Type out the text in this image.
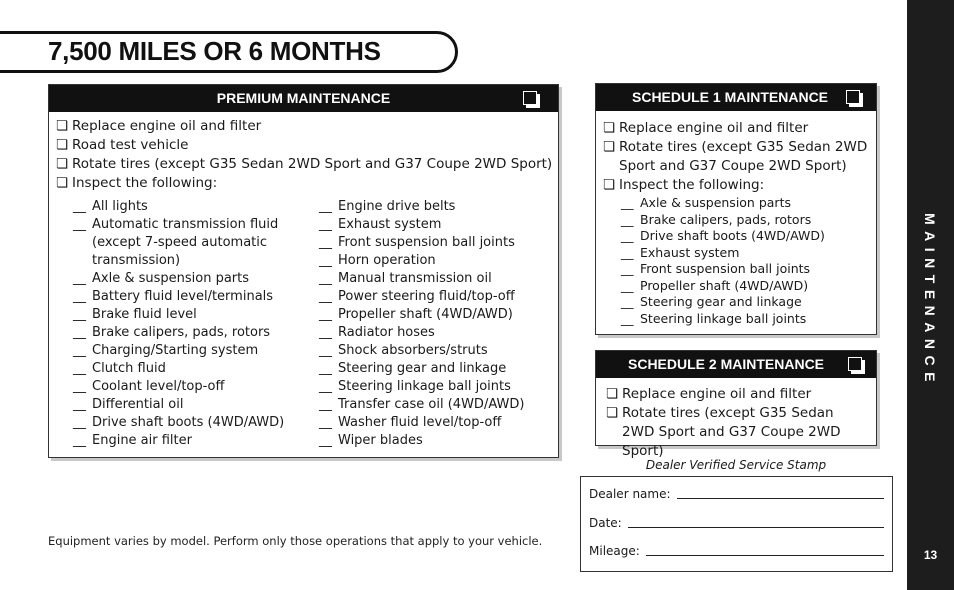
7,500 MILES OR 6 MONTHS
PREMIUM MAINTENANCE
❏ Replace engine oil and filter
❏ Road test vehicle
❏ Rotate tires (except G35 Sedan 2WD Sport and G37 Coupe 2WD Sport)
❏ Inspect the following:
__ All lights
__ Automatic transmission fluid
(except 7-speed automatic
transmission)
__ Axle & suspension parts
__ Battery fluid level/terminals
__ Brake fluid level
__ Brake calipers, pads, rotors
__ Charging/Starting system
__ Clutch fluid
__ Coolant level/top-off
__ Differential oil
__ Drive shaft boots (4WD/AWD)
__ Engine air filter
__ Engine drive belts
__ Exhaust system
__ Front suspension ball joints
__ Horn operation
__ Manual transmission oil
__ Power steering fluid/top-off
__ Propeller shaft (4WD/AWD)
__ Radiator hoses
__ Shock absorbers/struts
__ Steering gear and linkage
__ Steering linkage ball joints
__ Transfer case oil (4WD/AWD)
__ Washer fluid level/top-off
__ Wiper blades
SCHEDULE 1 MAINTENANCE
❏ Replace engine oil and filter
❏ Rotate tires (except G35 Sedan 2WD Sport and G37 Coupe 2WD Sport)
❏ Inspect the following:
__ Axle & suspension parts
__ Brake calipers, pads, rotors
__ Drive shaft boots (4WD/AWD)
__ Exhaust system
__ Front suspension ball joints
__ Propeller shaft (4WD/AWD)
__ Steering gear and linkage
__ Steering linkage ball joints
SCHEDULE 2 MAINTENANCE
❏ Replace engine oil and filter
❏ Rotate tires (except G35 Sedan 2WD Sport and G37 Coupe 2WD Sport)
Dealer Verified Service Stamp
Dealer name:
Date:
Mileage:
Equipment varies by model. Perform only those operations that apply to your vehicle.
MAINTENANCE LOG
13
